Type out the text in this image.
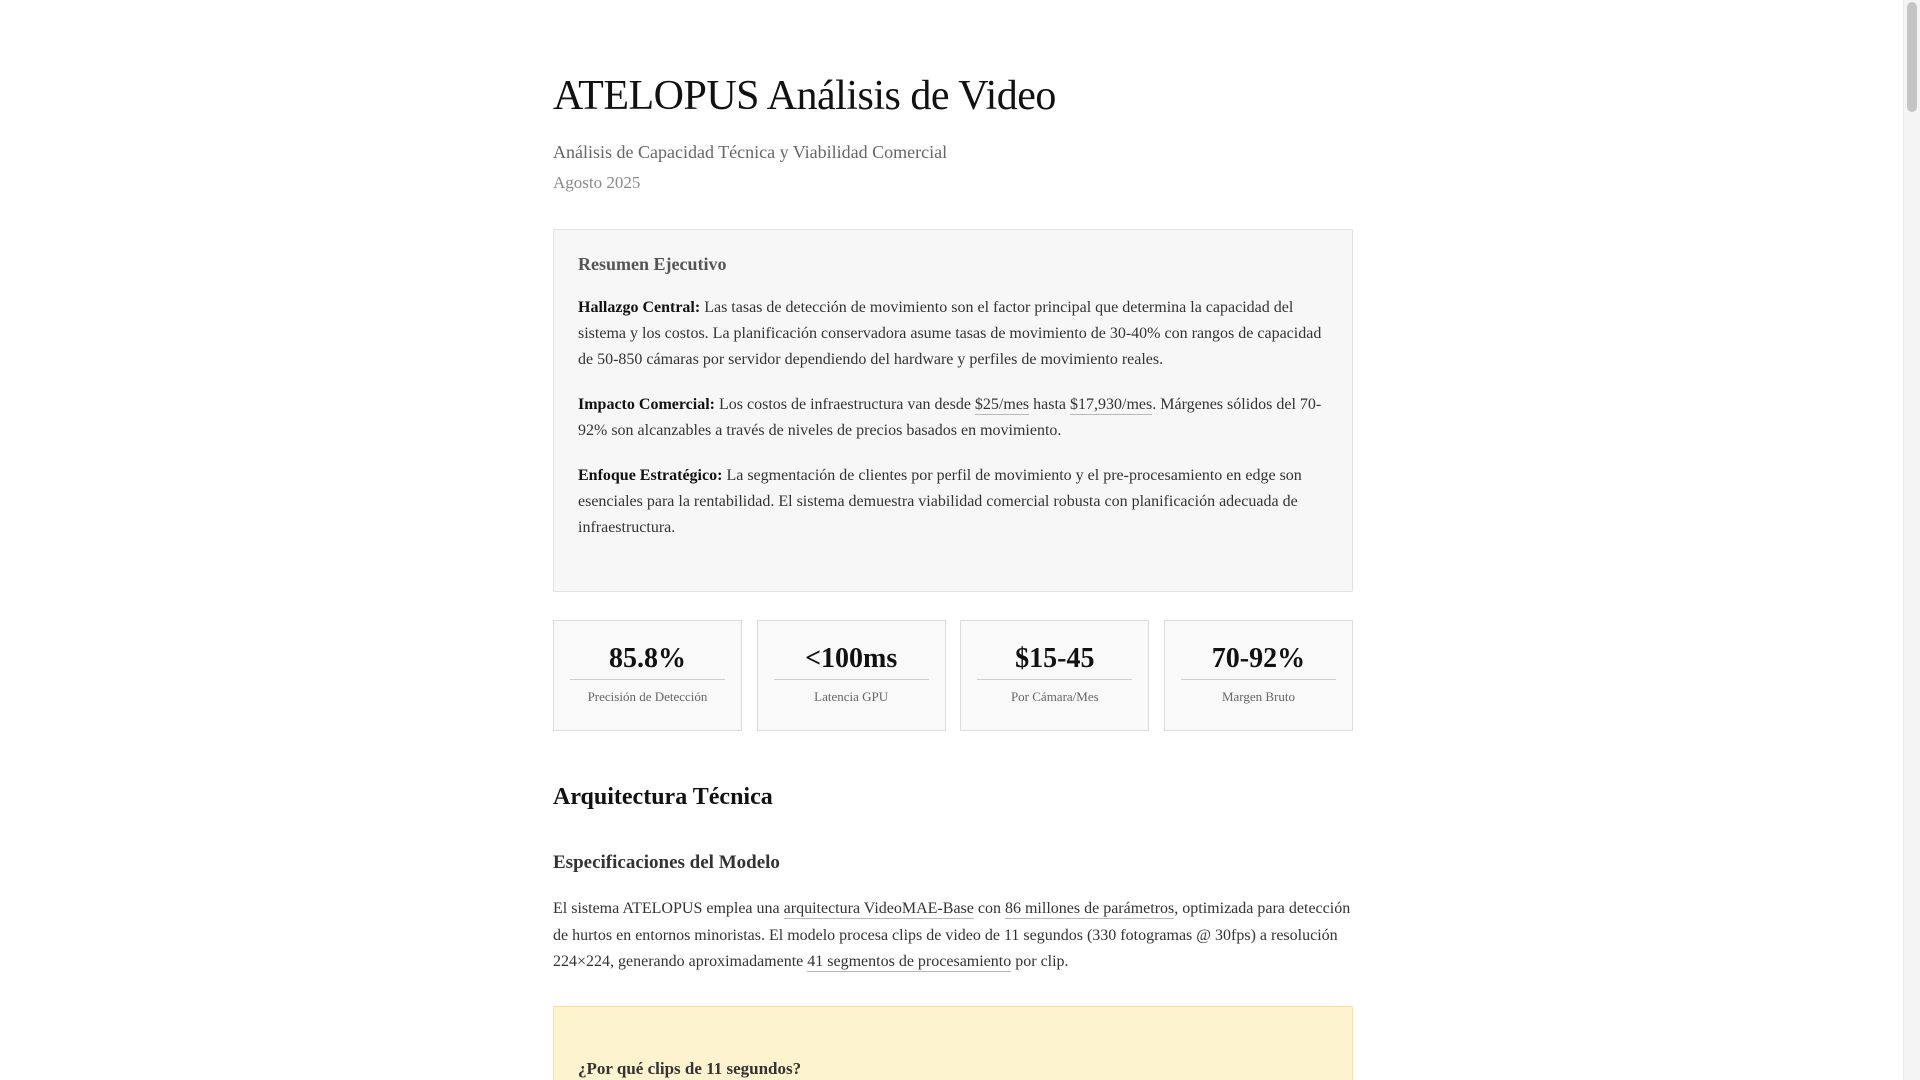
ATELOPUS Análisis de Video
Análisis de Capacidad Técnica y Viabilidad Comercial
Agosto 2025
Resumen Ejecutivo

Hallazgo Central: Las tasas de detección de movimiento son el factor principal que determina la capacidad del sistema y los costos. La planificación conservadora asume tasas de movimiento de 30-40% con rangos de capacidad de 50-850 cámaras por servidor dependiendo del hardware y perfiles de movimiento reales.

Impacto Comercial: Los costos de infraestructura van desde $25/mes hasta $17,930/mes. Márgenes sólidos del 70-92% son alcanzables a través de niveles de precios basados en movimiento.

Enfoque Estratégico: La segmentación de clientes por perfil de movimiento y el pre-procesamiento en edge son esenciales para la rentabilidad. El sistema demuestra viabilidad comercial robusta con planificación adecuada de infraestructura.

85.8%
Precisión de Detección
<100ms
Latencia GPU
$15-45
Por Cámara/Mes
70-92%
Margen Bruto
Arquitectura Técnica
Especificaciones del Modelo

El sistema ATELOPUS emplea una arquitectura VideoMAE-Base con 86 millones de parámetros, optimizada para detección de hurtos en entornos minoristas. El modelo procesa clips de video de 11 segundos (330 fotogramas @ 30fps) a resolución 224×224, generando aproximadamente 41 segmentos de procesamiento por clip.

¿Por qué clips de 11 segundos?
